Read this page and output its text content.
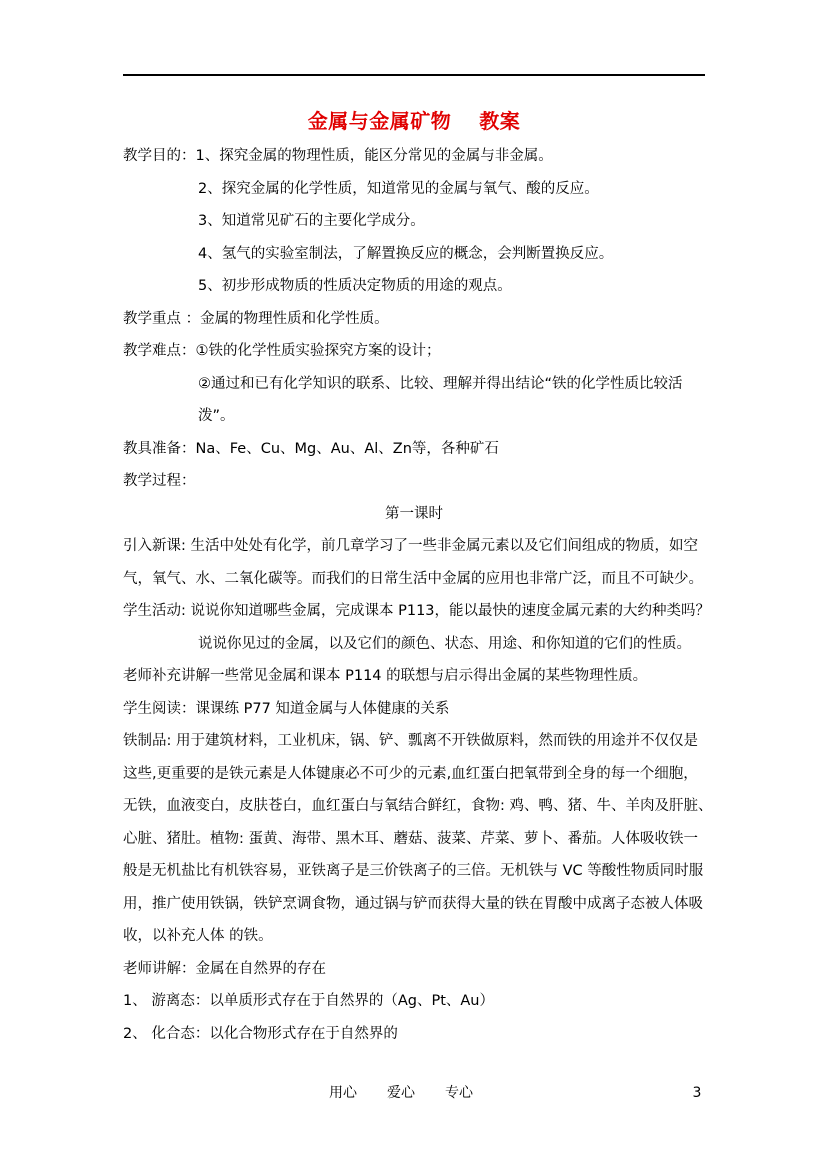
金属与金属矿物　 教案
教学目的：1、探究金属的物理性质，能区分常见的金属与非金属。
2、探究金属的化学性质，知道常见的金属与氧气、酸的反应。
3、知道常见矿石的主要化学成分。
4、氢气的实验室制法，了解置换反应的概念，会判断置换反应。
5、初步形成物质的性质决定物质的用途的观点。
教学重点 ：金属的物理性质和化学性质。
教学难点：①铁的化学性质实验探究方案的设计；
②通过和已有化学知识的联系、比较、理解并得出结论“铁的化学性质比较活
泼”。
教具准备：Na、Fe、Cu、Mg、Au、Al、Zn等，各种矿石
教学过程：
第一课时
引入新课: 生活中处处有化学，前几章学习了一些非金属元素以及它们间组成的物质，如空
气，氧气、水、二氧化碳等。而我们的日常生活中金属的应用也非常广泛，而且不可缺少。
学生活动: 说说你知道哪些金属，完成课本 P113，能以最快的速度金属元素的大约种类吗？
说说你见过的金属，以及它们的颜色、状态、用途、和你知道的它们的性质。
老师补充讲解一些常见金属和课本 P114 的联想与启示得出金属的某些物理性质。
学生阅读：课课练 P77 知道金属与人体健康的关系
铁制品: 用于建筑材料，工业机床，锅、铲、瓢离不开铁做原料，然而铁的用途并不仅仅是
这些,更重要的是铁元素是人体键康必不可少的元素,血红蛋白把氧带到全身的每一个细胞，
无铁，血液变白，皮肤苍白，血红蛋白与氧结合鲜红，食物: 鸡、鸭、猪、牛、羊肉及肝脏、
心脏、猪肚。植物: 蛋黄、海带、黑木耳、蘑菇、菠菜、芹菜、萝卜、番茄。人体吸收铁一
般是无机盐比有机铁容易，亚铁离子是三价铁离子的三倍。无机铁与 VC 等酸性物质同时服
用，推广使用铁锅，铁铲烹调食物，通过锅与铲而获得大量的铁在胃酸中成离子态被人体吸
收，以补充人体 的铁。
老师讲解：金属在自然界的存在
1、 游离态：以单质形式存在于自然界的（Ag、Pt、Au）
2、 化合态：以化合物形式存在于自然界的
用心 爱心 专心	3
